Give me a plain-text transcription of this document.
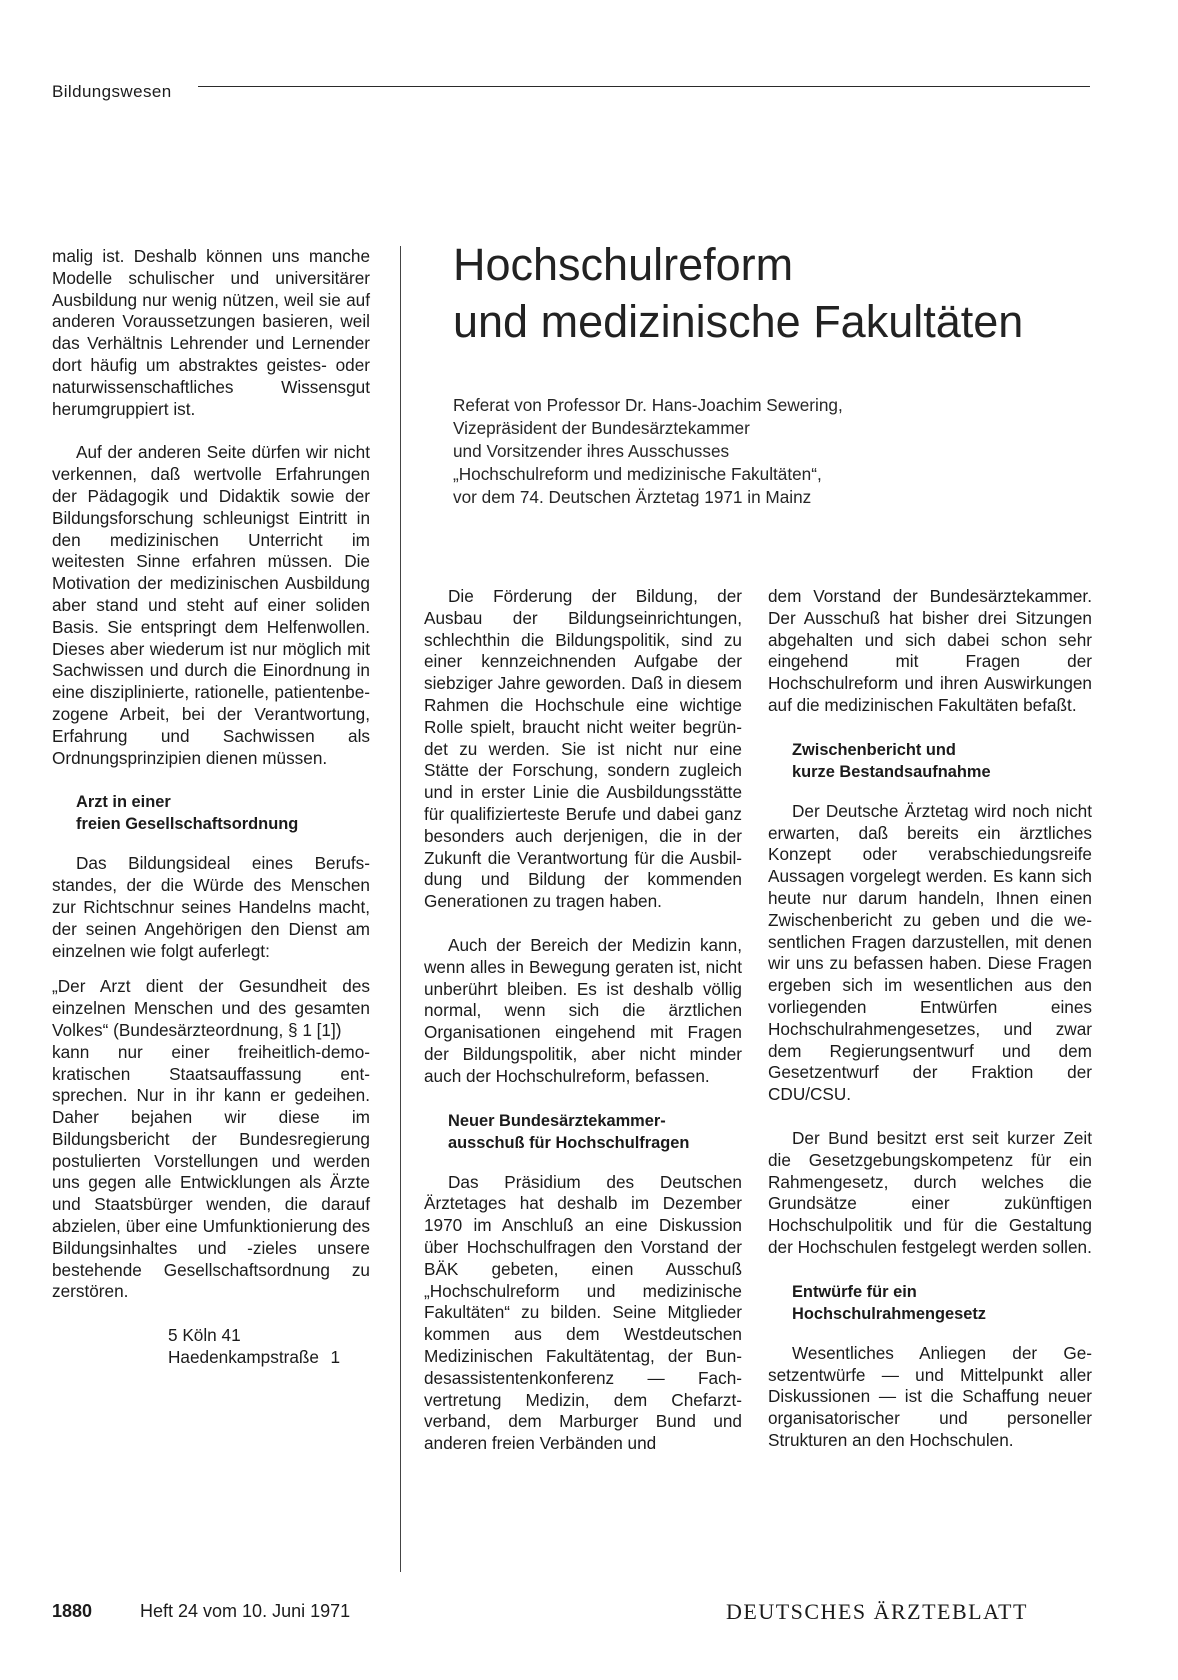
Bildungswesen
Hochschulreform
und medizinische Fakultäten
Referat von Professor Dr. Hans-Joachim Sewering,
Vizepräsident der Bundesärztekammer
und Vorsitzender ihres Ausschusses
„Hochschulreform und medizinische Fakultäten“,
vor dem 74. Deutschen Ärztetag 1971 in Mainz

malig ist. Deshalb können uns manche Modelle schulischer und universitärer Ausbildung nur wenig nützen, weil sie auf anderen Voraussetzungen basieren, weil das Verhältnis Lehrender und Lernender dort häufig um abstraktes geistes- oder naturwissenschaftliches Wissensgut herumgruppiert ist.

Auf der anderen Seite dürfen wir nicht verkennen, daß wertvolle Erfahrungen der Pädagogik und Didaktik sowie der Bildungsforschung schleunigst Eintritt in den medizinischen Unterricht im weitesten Sinne erfahren müssen. Die Motivation der medizinischen Ausbildung aber stand und steht auf einer soliden Basis. Sie entspringt dem Helfenwollen. Dieses aber wiederum ist nur möglich mit Sachwissen und durch die Einordnung in eine disziplinierte, rationelle, patientenbezogene Arbeit, bei der Verantwortung, Erfahrung und Sachwissen als Ordnungsprinzipien dienen müssen.

Arzt in einer
freien Gesellschaftsordnung

Das Bildungsideal eines Berufsstandes, der die Würde des Menschen zur Richtschnur seines Handelns macht, der seinen Angehörigen den Dienst am einzelnen wie folgt auferlegt:

„Der Arzt dient der Gesundheit des einzelnen Menschen und des gesamten Volkes“ (Bundesärzteordnung, § 1 [1])

kann nur einer freiheitlich-demokratischen Staatsauffassung entsprechen. Nur in ihr kann er gedeihen. Daher bejahen wir diese im Bildungsbericht der Bundesregierung postulierten Vorstellungen und werden uns gegen alle Entwicklungen als Ärzte und Staatsbürger wenden, die darauf abzielen, über eine Umfunktionierung des Bildungsinhaltes und -zieles unsere bestehende Gesellschaftsordnung zu zerstören.

5 Köln 41
Haedenkampstraße 1

Die Förderung der Bildung, der Ausbau der Bildungseinrichtungen, schlechthin die Bildungspolitik, sind zu einer kennzeichnenden Aufgabe der siebziger Jahre geworden. Daß in diesem Rahmen die Hochschule eine wichtige Rolle spielt, braucht nicht weiter begründet zu werden. Sie ist nicht nur eine Stätte der Forschung, sondern zugleich und in erster Linie die Ausbildungsstätte für qualifizierteste Berufe und dabei ganz besonders auch derjenigen, die in der Zukunft die Verantwortung für die Ausbildung und Bildung der kommenden Generationen zu tragen haben.

Auch der Bereich der Medizin kann, wenn alles in Bewegung geraten ist, nicht unberührt bleiben. Es ist deshalb völlig normal, wenn sich die ärztlichen Organisationen eingehend mit Fragen der Bildungspolitik, aber nicht minder auch der Hochschulreform, befassen.

Neuer Bundesärztekammer-
ausschuß für Hochschulfragen

Das Präsidium des Deutschen Ärztetages hat deshalb im Dezember 1970 im Anschluß an eine Diskussion über Hochschulfragen den Vorstand der BÄK gebeten, einen Ausschuß „Hochschulreform und medizinische Fakultäten“ zu bilden. Seine Mitglieder kommen aus dem Westdeutschen Medizinischen Fakultätentag, der Bundesassistentenkonferenz — Fachvertretung Medizin, dem Chefarztverband, dem Marburger Bund und anderen freien Verbänden und

dem Vorstand der Bundesärztekammer. Der Ausschuß hat bisher drei Sitzungen abgehalten und sich dabei schon sehr eingehend mit Fragen der Hochschulreform und ihren Auswirkungen auf die medizinischen Fakultäten befaßt.

Zwischenbericht und
kurze Bestandsaufnahme

Der Deutsche Ärztetag wird noch nicht erwarten, daß bereits ein ärztliches Konzept oder verabschiedungsreife Aussagen vorgelegt werden. Es kann sich heute nur darum handeln, Ihnen einen Zwischenbericht zu geben und die wesentlichen Fragen darzustellen, mit denen wir uns zu befassen haben. Diese Fragen ergeben sich im wesentlichen aus den vorliegenden Entwürfen eines Hochschulrahmengesetzes, und zwar dem Regierungsentwurf und dem Gesetzentwurf der Fraktion der CDU/CSU.

Der Bund besitzt erst seit kurzer Zeit die Gesetzgebungskompetenz für ein Rahmengesetz, durch welches die Grundsätze einer zukünftigen Hochschulpolitik und für die Gestaltung der Hochschulen festgelegt werden sollen.

Entwürfe für ein
Hochschulrahmengesetz

Wesentliches Anliegen der Gesetzentwürfe — und Mittelpunkt aller Diskussionen — ist die Schaffung neuer organisatorischer und personeller Strukturen an den Hochschulen.

1880	Heft 24 vom 10. Juni 1971	DEUTSCHES ÄRZTEBLATT
